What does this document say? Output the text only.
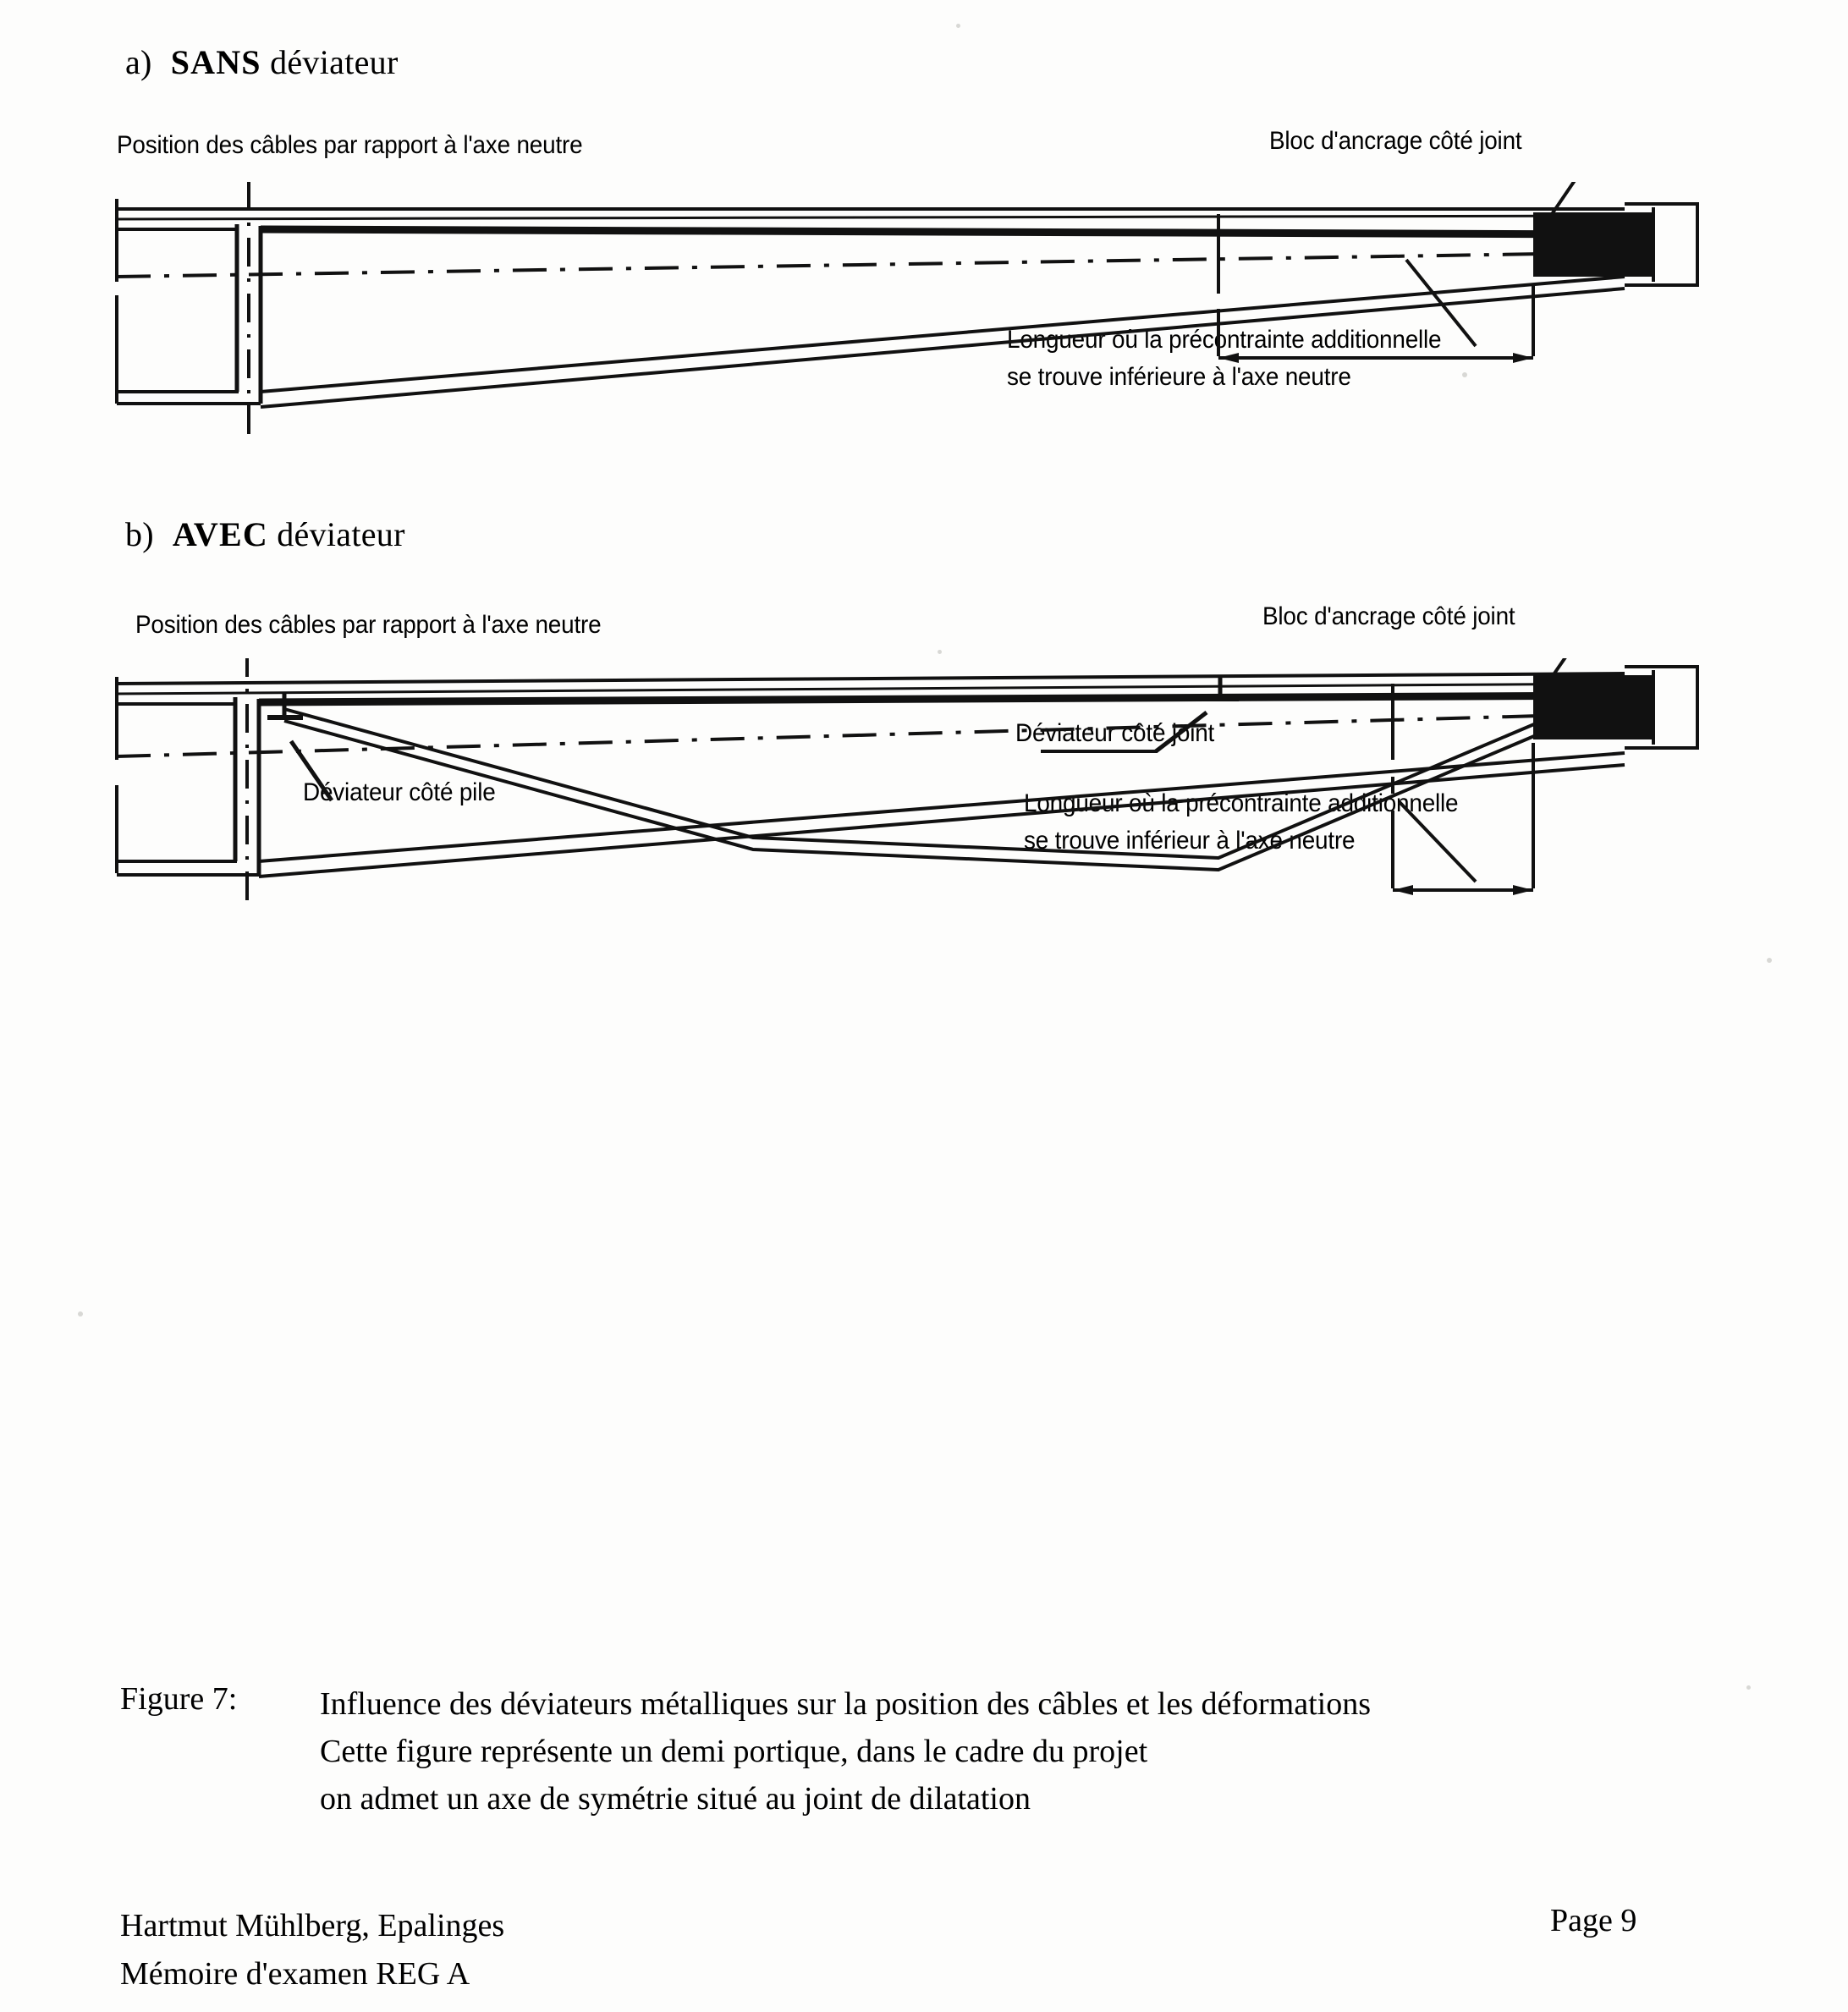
a) SANS déviateur
Position des câbles par rapport à l'axe neutre	Bloc d'ancrage côté joint
Longueur où la précontrainte additionnelle
se trouve inférieure à l'axe neutre
b) AVEC déviateur
Position des câbles par rapport à l'axe neutre	Bloc d'ancrage côté joint
Déviateur côté joint
Déviateur côté pile	Longueur où la précontrainte additionnelle
se trouve inférieur à l'axe neutre
Figure 7:	Influence des déviateurs métalliques sur la position des câbles et les déformations
Cette figure représente un demi portique, dans le cadre du projet
on admet un axe de symétrie situé au joint de dilatation
Hartmut Mühlberg, Epalinges
Mémoire d'examen REG A
Page 9
